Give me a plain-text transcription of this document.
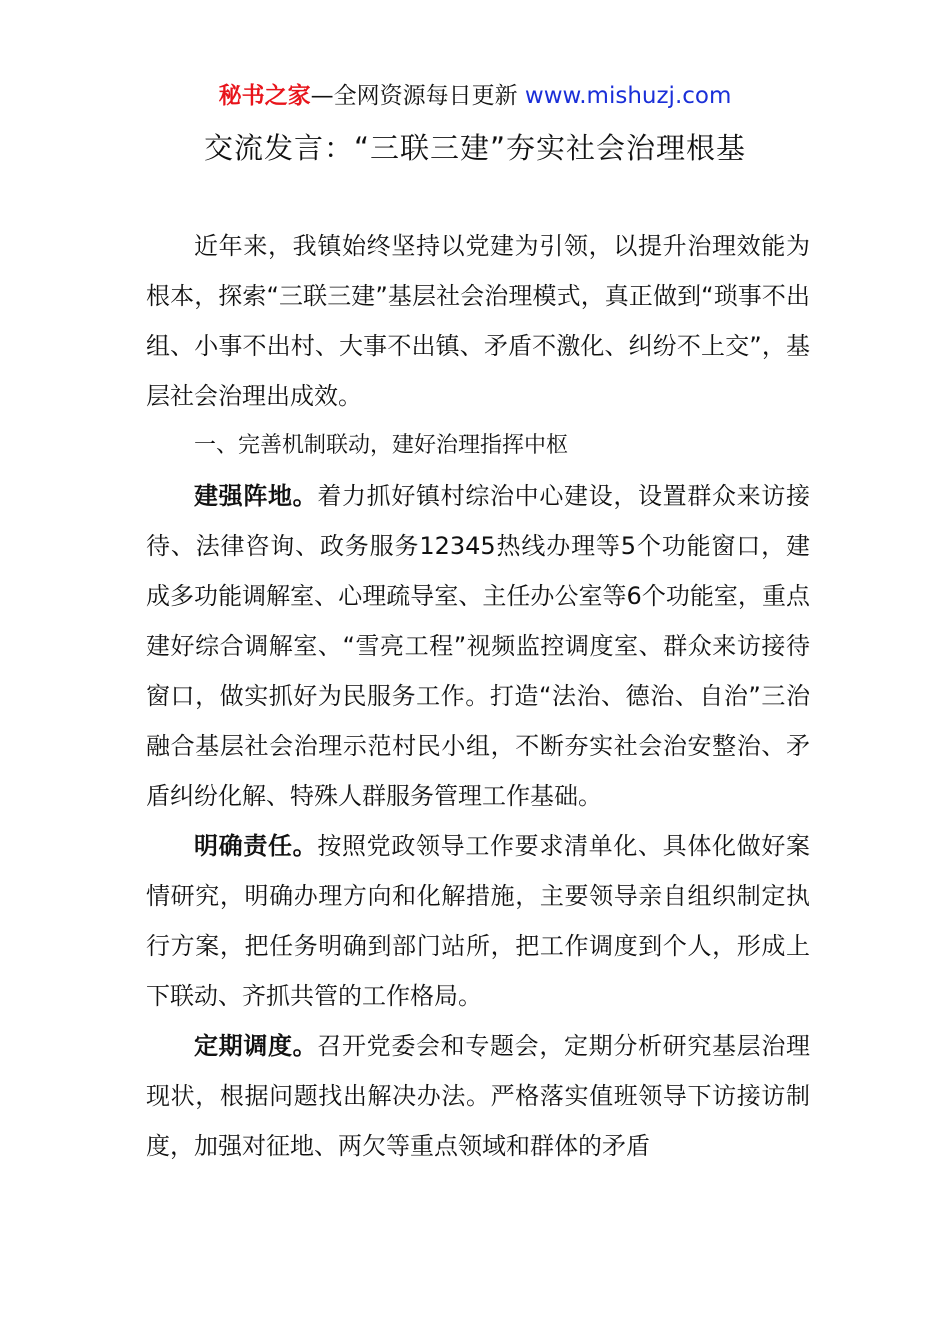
秘书之家—全网资源每日更新 www.mishuzj.com
交流发言：“三联三建”夯实社会治理根基

近年来，我镇始终坚持以党建为引领，以提升治理效能为根本，探索“三联三建”基层社会治理模式，真正做到“琐事不出组、小事不出村、大事不出镇、矛盾不激化、纠纷不上交”，基层社会治理出成效。

一、完善机制联动，建好治理指挥中枢

建强阵地。着力抓好镇村综治中心建设，设置群众来访接待、法律咨询、政务服务12345热线办理等5个功能窗口，建成多功能调解室、心理疏导室、主任办公室等6个功能室，重点建好综合调解室、“雪亮工程”视频监控调度室、群众来访接待窗口，做实抓好为民服务工作。打造“法治、德治、自治”三治融合基层社会治理示范村民小组，不断夯实社会治安整治、矛盾纠纷化解、特殊人群服务管理工作基础。

明确责任。按照党政领导工作要求清单化、具体化做好案情研究，明确办理方向和化解措施，主要领导亲自组织制定执行方案，把任务明确到部门站所，把工作调度到个人，形成上下联动、齐抓共管的工作格局。

定期调度。召开党委会和专题会，定期分析研究基层治理现状，根据问题找出解决办法。严格落实值班领导下访接访制度，加强对征地、两欠等重点领域和群体的矛盾
